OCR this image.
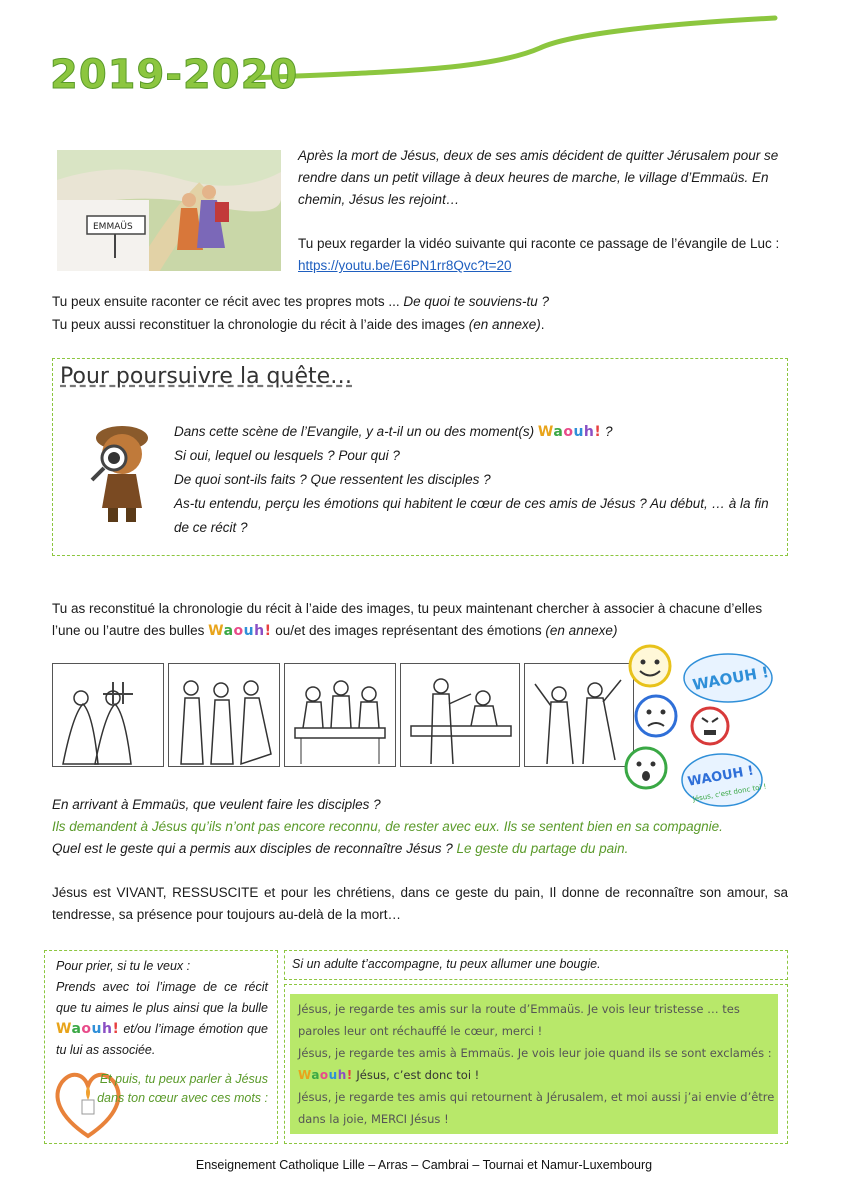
2019-2020
EMMAÜS
Après la mort de Jésus, deux de ses amis décident de quitter Jérusalem pour se rendre dans un petit village à deux heures de marche, le village d’Emmaüs. En chemin, Jésus les rejoint…
Tu peux regarder la vidéo suivante qui raconte ce passage de l’évangile de Luc : https://youtu.be/E6PN1rr8Qvc?t=20
Tu peux ensuite raconter ce récit avec tes propres mots ... De quoi te souviens-tu ?
Tu peux aussi reconstituer la chronologie du récit à l’aide des images (en annexe).
Pour poursuivre la quête…
Dans cette scène de l’Evangile, y a-t-il un ou des moment(s) Waouh! ?
Si oui, lequel ou lesquels ? Pour qui ?
De quoi sont-ils faits ? Que ressentent les disciples ?
As-tu entendu, perçu les émotions qui habitent le cœur de ces amis de Jésus ? Au début, … à la fin de ce récit ?
Tu as reconstitué la chronologie du récit à l’aide des images, tu peux maintenant chercher à associer à chacune d’elles l’une ou l’autre des bulles Waouh! ou/et des images représentant des émotions (en annexe)
WAOUH !
WAOUH !
Jésus, c'est donc toi !
En arrivant à Emmaüs, que veulent faire les disciples ?
Ils demandent à Jésus qu’ils n’ont pas encore reconnu, de rester avec eux. Ils se sentent bien en sa compagnie.
Quel est le geste qui a permis aux disciples de reconnaître Jésus ? Le geste du partage du pain.
Jésus est VIVANT, RESSUSCITE et pour les chrétiens, dans ce geste du pain, Il donne de reconnaître son amour, sa tendresse, sa présence pour toujours au-delà de la mort…
Pour prier, si tu le veux :
Prends avec toi l’image de ce récit que tu aimes le plus ainsi que la bulle Waouh! et/ou l’image émotion que tu lui as associée.
Et puis, tu peux parler à Jésus dans ton cœur avec ces mots :
Si un adulte t’accompagne, tu peux allumer une bougie.
Jésus, je regarde tes amis sur la route d’Emmaüs. Je vois leur tristesse … tes paroles leur ont réchauffé le cœur, merci !
Jésus, je regarde tes amis à Emmaüs. Je vois leur joie quand ils se sont exclamés :
Waouh! Jésus, c’est donc toi !
Jésus, je regarde tes amis qui retournent à Jérusalem, et moi aussi j’ai envie d’être dans la joie, MERCI Jésus !
Enseignement Catholique Lille – Arras – Cambrai – Tournai et Namur-Luxembourg
